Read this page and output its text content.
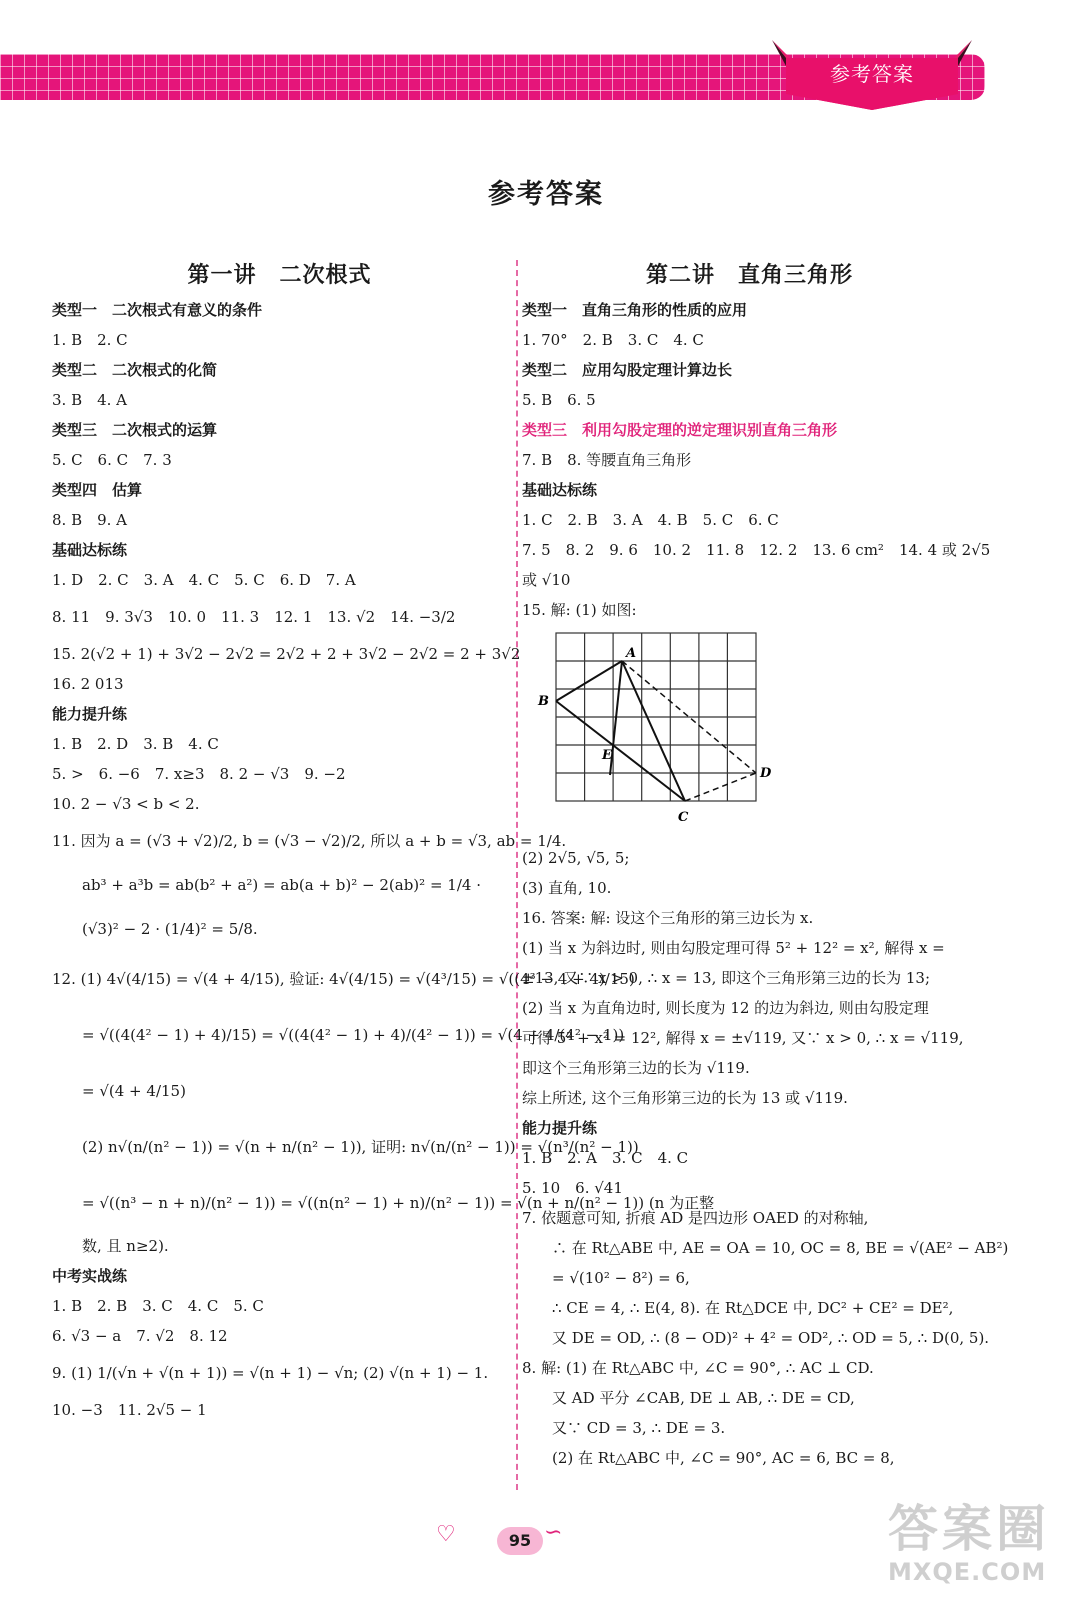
参考答案
参考答案
第一讲　二次根式
类型一　二次根式有意义的条件
1. B　2. C
类型二　二次根式的化简
3. B　4. A
类型三　二次根式的运算
5. C　6. C　7. 3
类型四　估算
8. B　9. A
基础达标练
1. D　2. C　3. A　4. C　5. C　6. D　7. A
8. 11　9. 3√3　10. 0　11. 3　12. 1　13. √2　14. −3/2
15. 2(√2 + 1) + 3√2 − 2√2 = 2√2 + 2 + 3√2 − 2√2 = 2 + 3√2
16. 2 013
能力提升练
1. B　2. D　3. B　4. C
5. >　6. −6　7. x≥3　8. 2 − √3　9. −2
10. 2 − √3 < b < 2.
11. 因为 a = (√3 + √2)/2, b = (√3 − √2)/2, 所以 a + b = √3, ab = 1/4.
ab³ + a³b = ab(b² + a²) = ab(a + b)² − 2(ab)² = 1/4 ·
(√3)² − 2 · (1/4)² = 5/8.
12. (1) 4√(4/15) = √(4 + 4/15), 验证: 4√(4/15) = √(4³/15) = √((4³ − 4 + 4)/15)
= √((4(4² − 1) + 4)/15) = √((4(4² − 1) + 4)/(4² − 1)) = √(4 + 4/(4² − 1))
= √(4 + 4/15)
(2) n√(n/(n² − 1)) = √(n + n/(n² − 1)), 证明: n√(n/(n² − 1)) = √(n³/(n² − 1))
= √((n³ − n + n)/(n² − 1)) = √((n(n² − 1) + n)/(n² − 1)) = √(n + n/(n² − 1)) (n 为正整
数, 且 n≥2).
中考实战练
1. B　2. B　3. C　4. C　5. C
6. √3 − a　7. √2　8. 12
9. (1) 1/(√n + √(n + 1)) = √(n + 1) − √n; (2) √(n + 1) − 1.
10. −3　11. 2√5 − 1
第二讲　直角三角形
类型一　直角三角形的性质的应用
1. 70°　2. B　3. C　4. C
类型二　应用勾股定理计算边长
5. B　6. 5
类型三　利用勾股定理的逆定理识别直角三角形
7. B　8. 等腰直角三角形
基础达标练
1. C　2. B　3. A　4. B　5. C　6. C
7. 5　8. 2　9. 6　10. 2　11. 8　12. 2　13. 6 cm²　14. 4 或 2√5
或 √10
15. 解: (1) 如图:
A
B
C
D
E
(2) 2√5, √5, 5;
(3) 直角, 10.
16. 答案: 解: 设这个三角形的第三边长为 x.
(1) 当 x 为斜边时, 则由勾股定理可得 5² + 12² = x², 解得 x =
±13, 又∵ x > 0, ∴ x = 13, 即这个三角形第三边的长为 13;
(2) 当 x 为直角边时, 则长度为 12 的边为斜边, 则由勾股定理
可得 5² + x² = 12², 解得 x = ±√119, 又∵ x > 0, ∴ x = √119,
即这个三角形第三边的长为 √119.
综上所述, 这个三角形第三边的长为 13 或 √119.
能力提升练
1. B　2. A　3. C　4. C
5. 10　6. √41
7. 依题意可知, 折痕 AD 是四边形 OAED 的对称轴,
∴ 在 Rt△ABE 中, AE = OA = 10, OC = 8, BE = √(AE² − AB²)
= √(10² − 8²) = 6,
∴ CE = 4, ∴ E(4, 8). 在 Rt△DCE 中, DC² + CE² = DE²,
又 DE = OD, ∴ (8 − OD)² + 4² = OD², ∴ OD = 5, ∴ D(0, 5).
8. 解: (1) 在 Rt△ABC 中, ∠C = 90°, ∴ AC ⊥ CD.
又 AD 平分 ∠CAB, DE ⊥ AB, ∴ DE = CD,
又∵ CD = 3, ∴ DE = 3.
(2) 在 Rt△ABC 中, ∠C = 90°, AC = 6, BC = 8,
♡	95 ∽	答案圈
MXQE.COM
